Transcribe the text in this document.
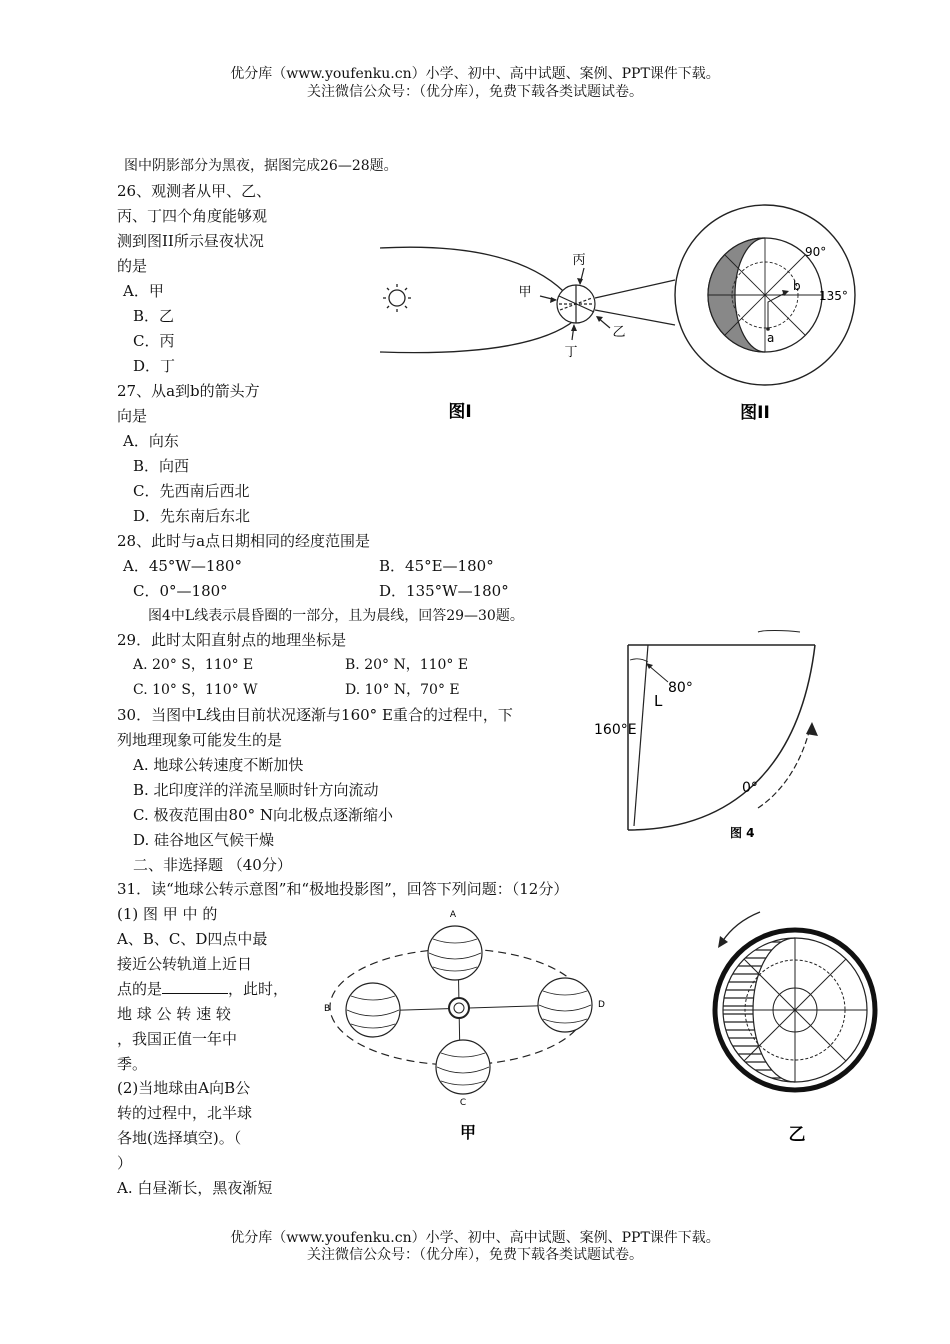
优分库（www.youfenku.cn）小学、初中、高中试题、案例、PPT课件下载。
关注微信公众号：（优分库），免费下载各类试题试卷。
图中阴影部分为黑夜，据图完成26—28题。
26、观测者从甲、乙、
丙、丁四个角度能够观
测到图II所示昼夜状况
的是
A．甲
B．乙
C．丙
D．丁
27、从a到b的箭头方
向是
A．向东
B．向西
C．先西南后西北
D．先东南后东北
28、此时与a点日期相同的经度范围是
A．45°W—180°	B．45°E—180°
C．0°—180°	D．135°W—180°
图4中L线表示晨昏圈的一部分，且为晨线，回答29—30题。
29．此时太阳直射点的地理坐标是
A. 20° S，110° E	B. 20° N，110° E
C. 10° S，110° W	D. 10° N，70° E
30．当图中L线由目前状况逐渐与160° E重合的过程中，下
列地理现象可能发生的是
A. 地球公转速度不断加快
B. 北印度洋的洋流呈顺时针方向流动
C. 极夜范围由80° N向北极点逐渐缩小
D. 硅谷地区气候干燥
二、非选择题 （40分）
31．读“地球公转示意图”和“极地投影图”，回答下列问题：（12分）
(1) 图 甲 中 的
A、B、C、D四点中最
接近公转轨道上近日
点的是	，此时，
地 球 公 转 速 较
，我国正值一年中
季。
(2)当地球由A向B公
转的过程中，北半球
各地(选择填空)。（
）
A. 白昼渐长，黑夜渐短
丙
甲
乙
丁
90°
135°
a
b
图I	图II
80°
L
160°E
0°
图 4
A
B
C
D
甲	乙
优分库（www.youfenku.cn）小学、初中、高中试题、案例、PPT课件下载。
关注微信公众号：（优分库），免费下载各类试题试卷。
